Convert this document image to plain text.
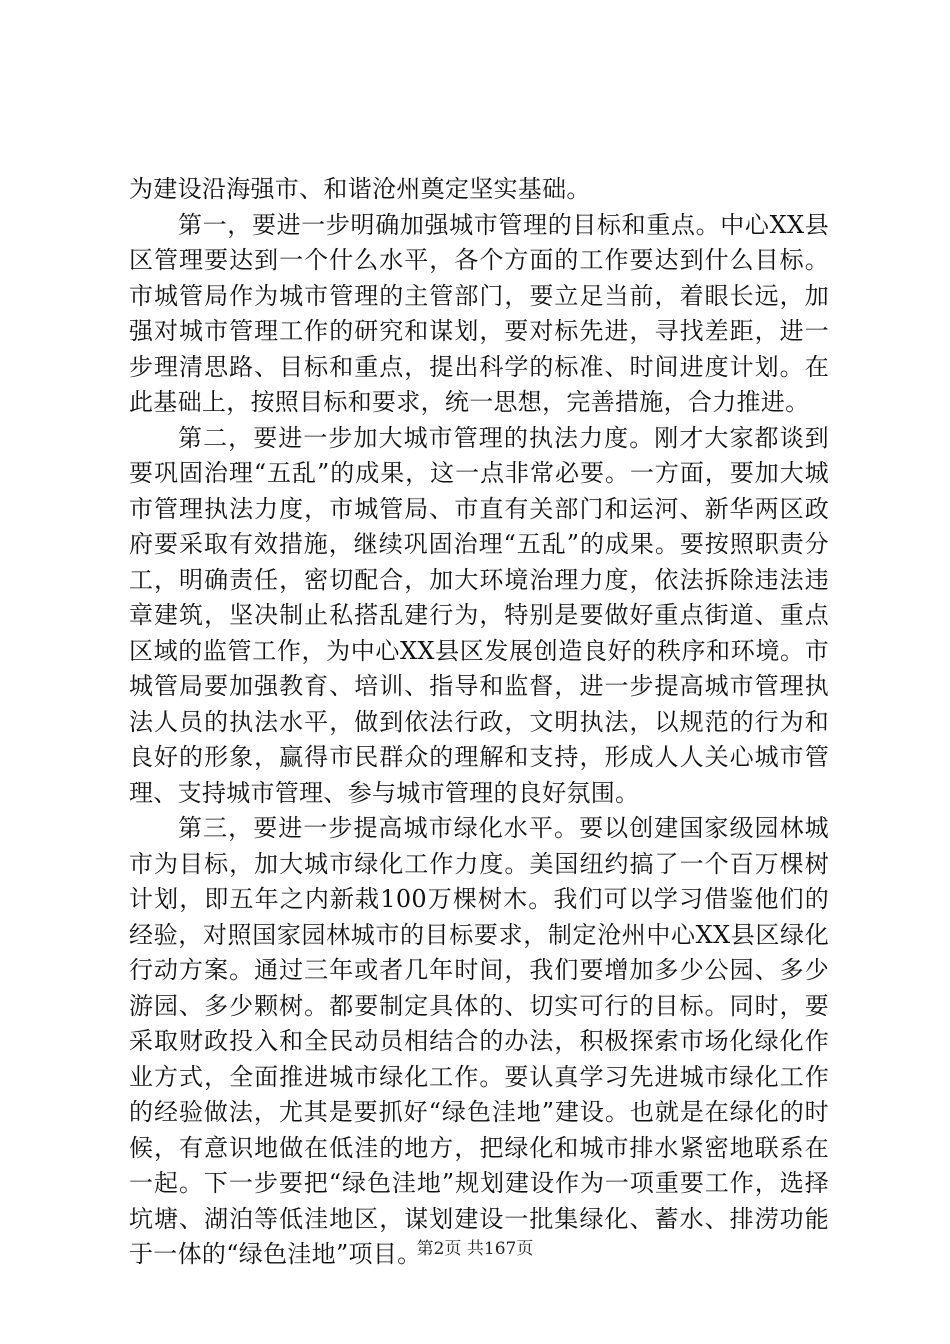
为建设沿海强市、和谐沧州奠定坚实基础。

第一，要进一步明确加强城市管理的目标和重点。中心XX县区管理要达到一个什么水平，各个方面的工作要达到什么目标。市城管局作为城市管理的主管部门，要立足当前，着眼长远，加强对城市管理工作的研究和谋划，要对标先进，寻找差距，进一步理清思路、目标和重点，提出科学的标准、时间进度计划。在此基础上，按照目标和要求，统一思想，完善措施，合力推进。

第二，要进一步加大城市管理的执法力度。刚才大家都谈到要巩固治理“五乱”的成果，这一点非常必要。一方面，要加大城市管理执法力度，市城管局、市直有关部门和运河、新华两区政府要采取有效措施，继续巩固治理“五乱”的成果。要按照职责分工，明确责任，密切配合，加大环境治理力度，依法拆除违法违章建筑，坚决制止私搭乱建行为，特别是要做好重点街道、重点区域的监管工作，为中心XX县区发展创造良好的秩序和环境。市城管局要加强教育、培训、指导和监督，进一步提高城市管理执法人员的执法水平，做到依法行政，文明执法，以规范的行为和良好的形象，赢得市民群众的理解和支持，形成人人关心城市管理、支持城市管理、参与城市管理的良好氛围。

第三，要进一步提高城市绿化水平。要以创建国家级园林城市为目标，加大城市绿化工作力度。美国纽约搞了一个百万棵树计划，即五年之内新栽100万棵树木。我们可以学习借鉴他们的经验，对照国家园林城市的目标要求，制定沧州中心XX县区绿化行动方案。通过三年或者几年时间，我们要增加多少公园、多少游园、多少颗树。都要制定具体的、切实可行的目标。同时，要采取财政投入和全民动员相结合的办法，积极探索市场化绿化作业方式，全面推进城市绿化工作。要认真学习先进城市绿化工作的经验做法，尤其是要抓好“绿色洼地”建设。也就是在绿化的时候，有意识地做在低洼的地方，把绿化和城市排水紧密地联系在一起。下一步要把“绿色洼地”规划建设作为一项重要工作，选择坑塘、湖泊等低洼地区，谋划建设一批集绿化、蓄水、排涝功能于一体的“绿色洼地”项目。

第2页 共167页
